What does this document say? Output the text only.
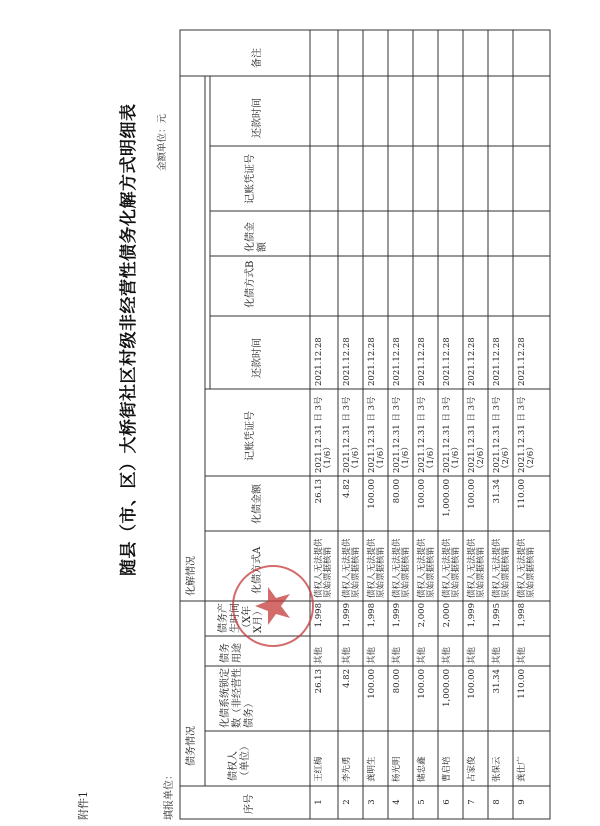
附件1
随县（市、区）大桥街社区村级非经营性债务化解方式明细表
填报单位：
金额单位：元
序号
债权人（单位）
债务情况
化解情况
化债系统锁定数（非经营性债务）
债务用途
债务产生时间（X年X月）
化债方式A
化债金额
记账凭证号
还款时间
化债方式B
化债金额
记账凭证号
还款时间
备注
1
王红梅
26.13
其他
1,998
债权人无法提供原始票据核销
26.13
2021.12.31 日 3号（1/6）
2021.12.28
2
李先勇
4.82
其他
1,999
债权人无法提供原始票据核销
4.82
2021.12.31 日 3号（1/6）
2021.12.28
3
龚明生
100.00
其他
1,998
债权人无法提供原始票据核销
100.00
2021.12.31 日 3号（1/6）
2021.12.28
4
杨光明
80.00
其他
1,999
债权人无法提供原始票据核销
80.00
2021.12.31 日 3号（1/6）
2021.12.28
5
储忠鑫
100.00
其他
2,000
债权人无法提供原始票据核销
100.00
2021.12.31 日 3号（1/6）
2021.12.28
6
曹启培
1,000.00
其他
2,000
债权人无法提供原始票据核销
1,000.00
2021.12.31 日 3号（1/6）
2021.12.28
7
占家俊
100.00
其他
1,999
债权人无法提供原始票据核销
100.00
2021.12.31 日 3号（2/6）
2021.12.28
8
张保云
31.34
其他
1,995
债权人无法提供原始票据核销
31.34
2021.12.31 日 3号（2/6）
2021.12.28
9
龚仕广
110.00
其他
1,998
债权人无法提供原始票据核销
110.00
2021.12.31 日 3号（2/6）
2021.12.28
